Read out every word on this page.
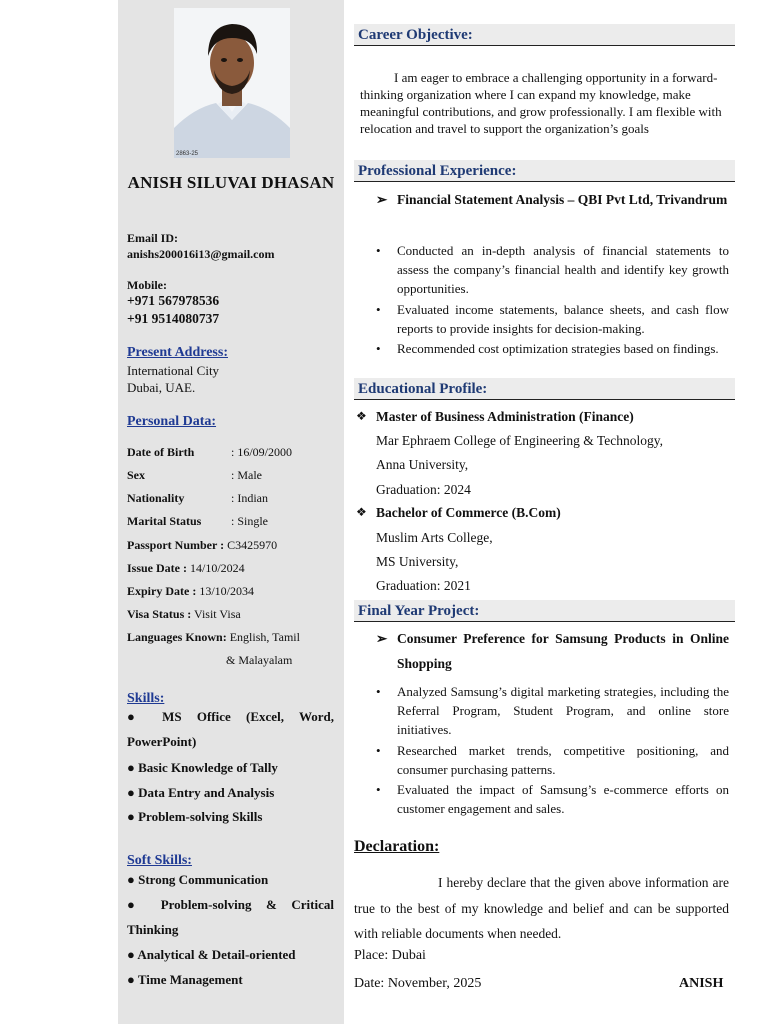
2863-25
ANISH SILUVAI DHASAN
Email ID:
anishs200016i13@gmail.com
Mobile:
+971 567978536
+91 9514080737
Present Address:
International City
Dubai, UAE.
Personal Data:
Date of Birth	: 16/09/2000
Sex	: Male
Nationality	: Indian
Marital Status : Single
Passport Number : C3425970
Issue Date : 14/10/2024
Expiry Date : 13/10/2034
Visa Status : Visit Visa
Languages Known: English, Tamil
& Malayalam
Skills:
● MS Office (Excel, Word,
PowerPoint)
● Basic Knowledge of Tally
● Data Entry and Analysis
● Problem-solving Skills
Soft Skills:
● Strong Communication
● Problem-solving & Critical
Thinking
● Analytical & Detail-oriented
● Time Management
Career Objective:
I am eager to embrace a challenging opportunity in a forward-thinking organization where I can expand my knowledge, make meaningful contributions, and grow professionally. I am flexible with relocation and travel to support the organization’s goals
Professional Experience:
➢ Financial Statement Analysis – QBI Pvt Ltd, Trivandrum
•	Conducted an in-depth analysis of financial statements to assess the company’s financial health and identify key growth opportunities.
•	Evaluated income statements, balance sheets, and cash flow reports to provide insights for decision-making.
•	Recommended cost optimization strategies based on findings.
Educational Profile:
❖ Master of Business Administration (Finance)
Mar Ephraem College of Engineering & Technology,
Anna University,
Graduation: 2024
❖ Bachelor of Commerce (B.Com)
Muslim Arts College,
MS University,
Graduation: 2021
Final Year Project:
➢ Consumer Preference for Samsung Products in Online Shopping
•	Analyzed Samsung’s digital marketing strategies, including the Referral Program, Student Program, and online store initiatives.
•	Researched market trends, competitive positioning, and consumer purchasing patterns.
•	Evaluated the impact of Samsung’s e-commerce efforts on customer engagement and sales.
Declaration:
I hereby declare that the given above information are true to the best of my knowledge and belief and can be supported with reliable documents when needed.
Place: Dubai
Date: November, 2025	ANISH
